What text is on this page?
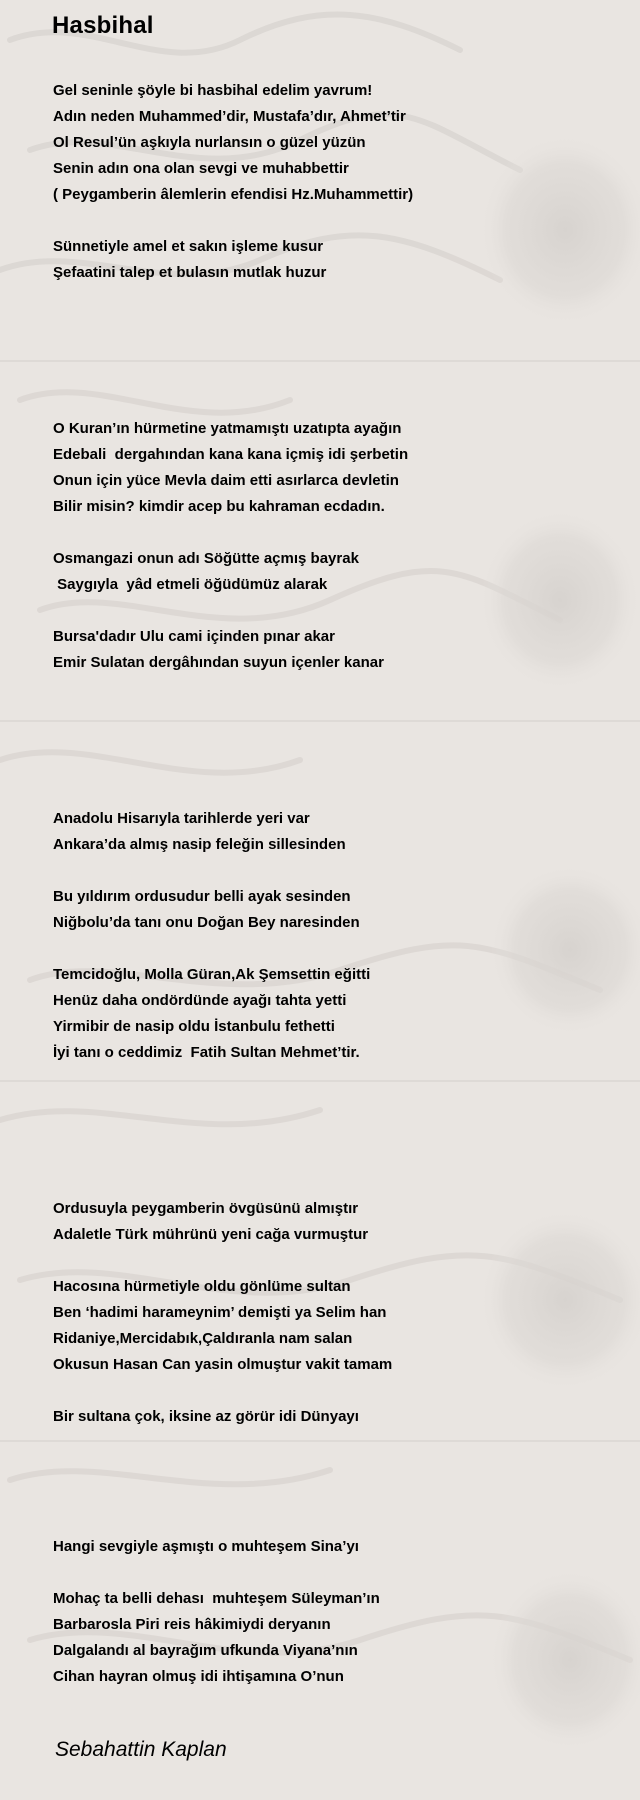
Hasbihal

Gel seninle şöyle bi hasbihal edelim yavrum!
Adın neden Muhammed’dir, Mustafa’dır, Ahmet’tir
Ol Resul’ün aşkıyla nurlansın o güzel yüzün
Senin adın ona olan sevgi ve muhabbettir
( Peygamberin âlemlerin efendisi Hz.Muhammettir)

Sünnetiyle amel et sakın işleme kusur
Şefaatini talep et bulasın mutlak huzur

O Kuran’ın hürmetine yatmamıştı uzatıpta ayağın
Edebali  dergahından kana kana içmiş idi şerbetin
Onun için yüce Mevla daim etti asırlarca devletin
Bilir misin? kimdir acep bu kahraman ecdadın.

Osmangazi onun adı Söğütte açmış bayrak
Saygıyla  yâd etmeli öğüdümüz alarak

Bursa'dadır Ulu cami içinden pınar akar
Emir Sulatan dergâhından suyun içenler kanar

Anadolu Hisarıyla tarihlerde yeri var
Ankara’da almış nasip feleğin sillesinden

Bu yıldırım ordusudur belli ayak sesinden
Niğbolu’da tanı onu Doğan Bey naresinden

Temcidoğlu, Molla Güran,Ak Şemsettin eğitti
Henüz daha ondördünde ayağı tahta yetti
Yirmibir de nasip oldu İstanbulu fethetti
İyi tanı o ceddimiz  Fatih Sultan Mehmet’tir.

Ordusuyla peygamberin övgüsünü almıştır
Adaletle Türk mührünü yeni cağa vurmuştur

Hacosına hürmetiyle oldu gönlüme sultan
Ben ‘hadimi harameynim’ demişti ya Selim han
Ridaniye,Mercidabık,Çaldıranla nam salan
Okusun Hasan Can yasin olmuştur vakit tamam

Bir sultana çok, iksine az görür idi Dünyayı

Hangi sevgiyle aşmıştı o muhteşem Sina’yı

Mohaç ta belli dehası  muhteşem Süleyman’ın
Barbarosla Piri reis hâkimiydi deryanın
Dalgalandı al bayrağım ufkunda Viyana’nın
Cihan hayran olmuş idi ihtişamına O’nun

Sebahattin Kaplan
